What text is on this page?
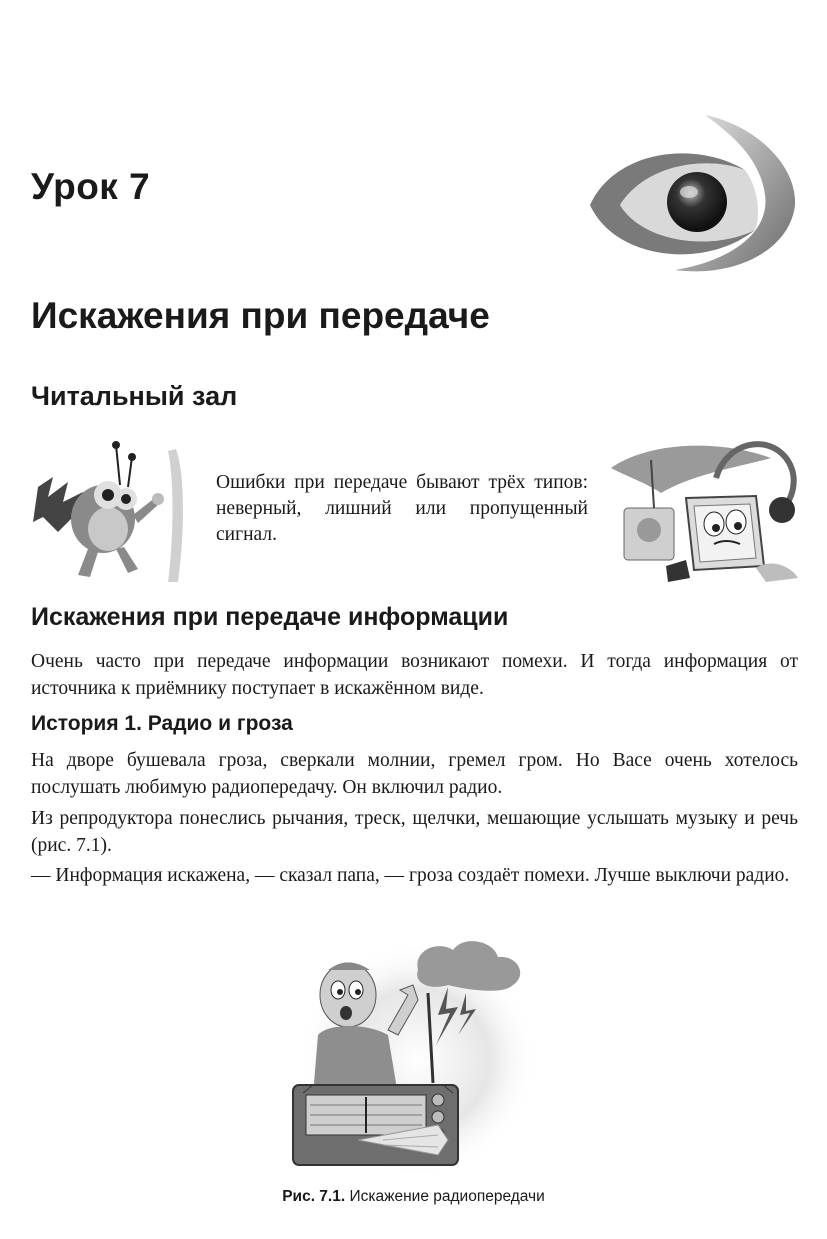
Урок 7
Искажения при передаче
Читальный зал
Ошибки при передаче бывают трёх типов: неверный, лишний или пропущенный сигнал.
Искажения при передаче информации
Очень часто при передаче информации возникают помехи. И тогда информация от источника к приёмнику поступает в искажённом виде.
История 1. Радио и гроза
На дворе бушевала гроза, сверкали молнии, гремел гром. Но Васе очень хотелось послушать любимую радиопередачу. Он включил радио.
Из репродуктора понеслись рычания, треск, щелчки, мешающие услышать музыку и речь (рис. 7.1).
— Информация искажена, — сказал папа, — гроза создаёт помехи. Лучше выключи радио.
Рис. 7.1. Искажение радиопередачи
